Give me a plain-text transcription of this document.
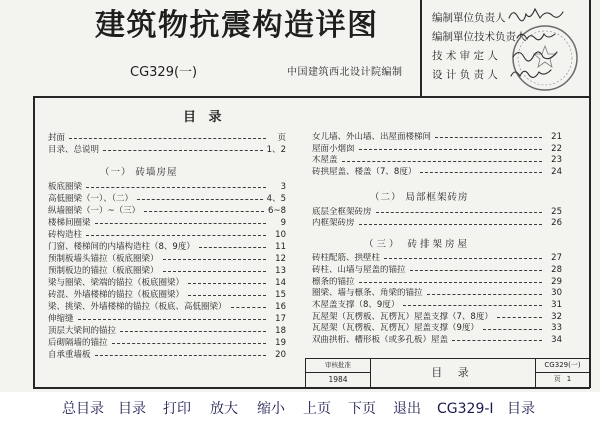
建筑物抗震构造详图
CG329(一)	中国建筑西北设计院编制
编制單位负责人
编制單位技术负责人
技 术 审 定 人
设 计 负 责 人
目 录
封面	页
目录、总说明	1、2
（一） 砖墙房屋
板底圈梁	3
高低圈梁（一）、（二）	4、5
纵墙圈梁（一）~（三）	6~8
楼梯间圈梁	9
砖构造柱	10
门窗、楼梯间的内墙构造柱（8、9度）	11
预制板墙头锚拉（板底圈梁）	12
预制板边的锚拉（板底圈梁）	13
梁与圈梁、梁端的锚拉（板底圈梁）	14
砖混、外墙楼梯的锚拉（板底圈梁）	15
梁、挑梁、外墙楼梯的锚拉（板底、高低圈梁）	16
伸缩缝	17
顶层大梁间的锚拉	18
后砌隔墙的锚拉	19
自承重墙板	20
女儿墙、外山墙、出屋面楼梯间	21
屋面小烟囱	22
木屋盖	23
砖拱屋盖、楼盖（7、8度）	24
（二） 局部框架砖房
底层全框架砖房	25
内框架砖房	26
（三） 砖排架房屋
砖柱配筋、拱壁柱	27
砖柱、山墙与屋盖的锚拉	28
檩条的锚拉	29
圈梁、墙与檩条、角梁的锚拉	30
木屋盖支撑（8、9度）	31
瓦屋架（瓦楞板、瓦楞瓦）屋盖支撑（7、8度）	32
瓦屋架（瓦楞板、瓦楞瓦）屋盖支撑（9度）	33
双曲拱桁、槽形板（或多孔板）屋盖	34
审核批准
1984
目 录
CG329(一)
页 1
总目录 目录 打印 放大 缩小 上页 下页 退出 CG329-I 目录
